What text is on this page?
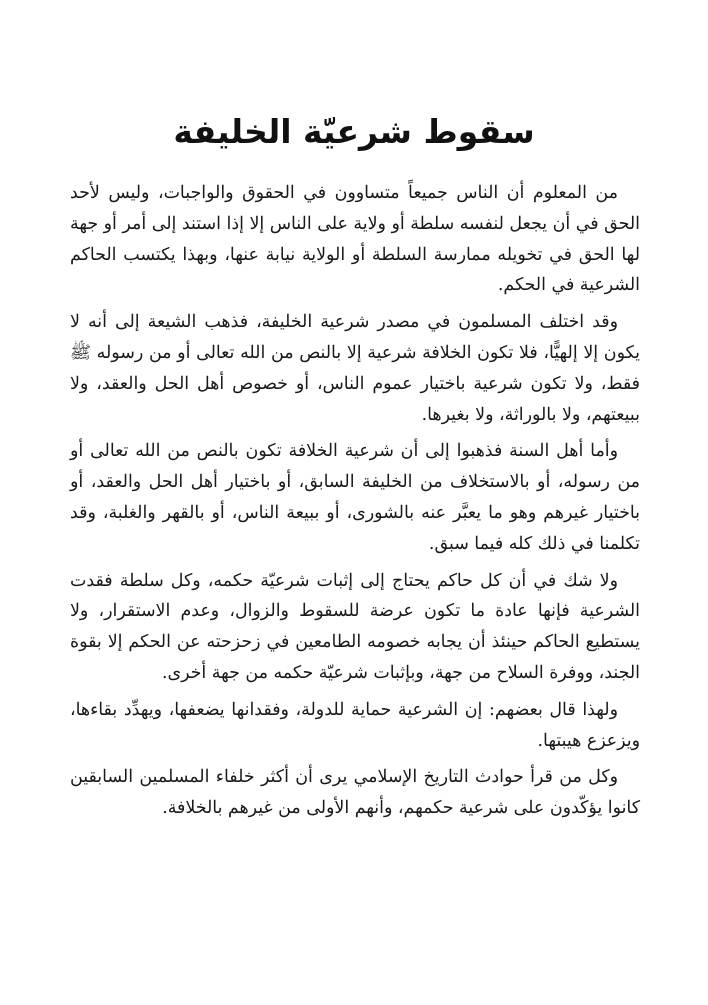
سقوط شرعيّة الخليفة

من المعلوم أن الناس جميعاً متساوون في الحقوق والواجبات، وليس لأحد الحق في أن يجعل لنفسه سلطة أو ولاية على الناس إلا إذا استند إلى أمر أو جهة لها الحق في تخويله ممارسة السلطة أو الولاية نيابة عنها، وبهذا يكتسب الحاكم الشرعية في الحكم.

وقد اختلف المسلمون في مصدر شرعية الخليفة، فذهب الشيعة إلى أنه لا يكون إلا إلهيًّا، فلا تكون الخلافة شرعية إلا بالنص من الله تعالى أو من رسوله ﷺ فقط، ولا تكون شرعية باختيار عموم الناس، أو خصوص أهل الحل والعقد، ولا ببيعتهم، ولا بالوراثة، ولا بغيرها.

وأما أهل السنة فذهبوا إلى أن شرعية الخلافة تكون بالنص من الله تعالى أو من رسوله، أو بالاستخلاف من الخليفة السابق، أو باختيار أهل الحل والعقد، أو باختيار غيرهم وهو ما يعبَّر عنه بالشورى، أو ببيعة الناس، أو بالقهر والغلبة، وقد تكلمنا في ذلك كله فيما سبق.

ولا شك في أن كل حاكم يحتاج إلى إثبات شرعيّة حكمه، وكل سلطة فقدت الشرعية فإنها عادة ما تكون عرضة للسقوط والزوال، وعدم الاستقرار، ولا يستطيع الحاكم حينئذ أن يجابه خصومه الطامعين في زحزحته عن الحكم إلا بقوة الجند، ووفرة السلاح من جهة، وبإثبات شرعيّة حكمه من جهة أخرى.

ولهذا قال بعضهم: إن الشرعية حماية للدولة، وفقدانها يضعفها، ويهدِّد بقاءها، ويزعزع هيبتها.

وكل من قرأ حوادث التاريخ الإسلامي يرى أن أكثر خلفاء المسلمين السابقين كانوا يؤكّدون على شرعية حكمهم، وأنهم الأولى من غيرهم بالخلافة.
